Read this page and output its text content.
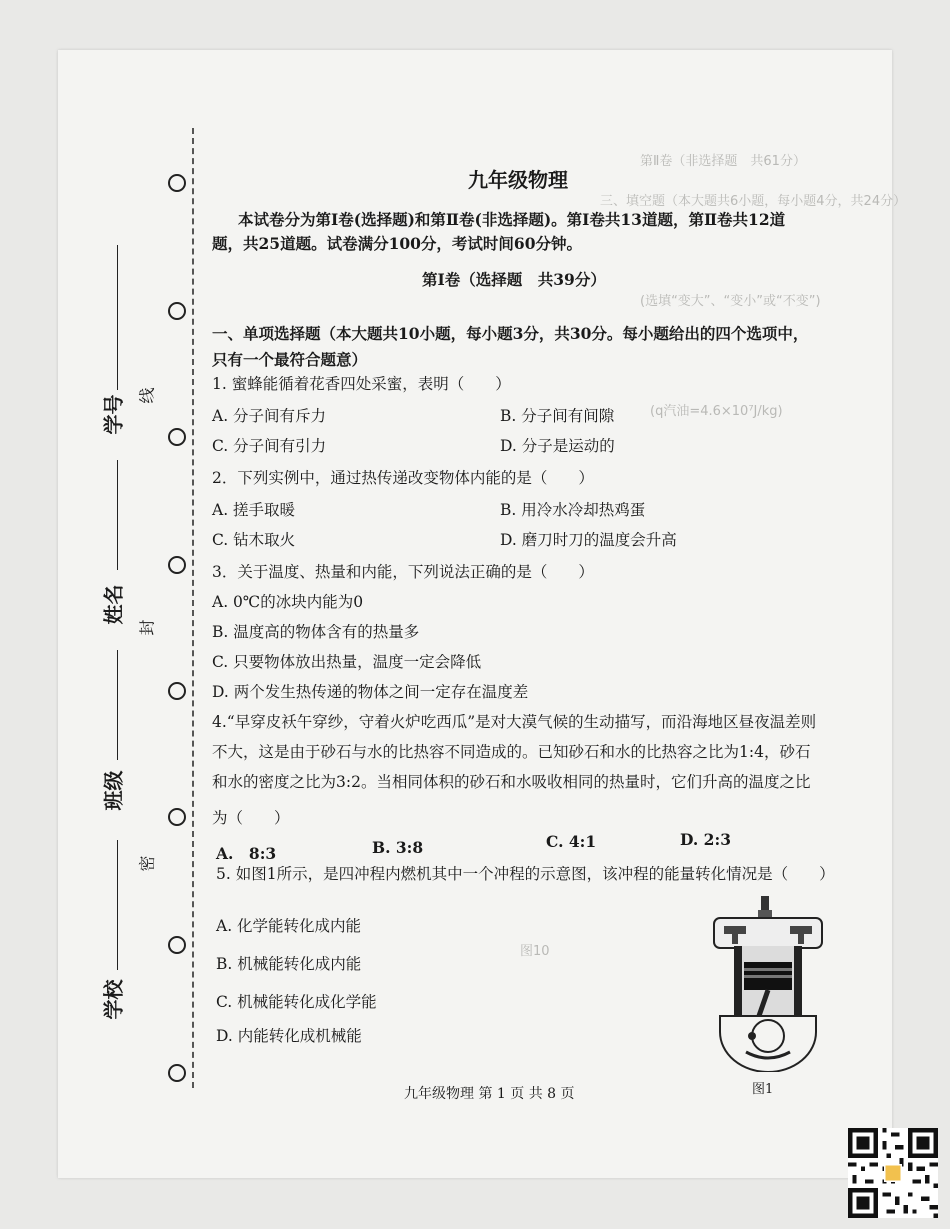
第Ⅱ卷（非选择题　共61分）
三、填空题（本大题共6小题，每小题4分，共24分）
(选填“变大”、“变小”或“不变”)
(q汽油=4.6×10⁷J/kg)
图10
学号
姓名
班级
学校
线
封
密
九年级物理
本试卷分为第Ⅰ卷(选择题)和第Ⅱ卷(非选择题)。第Ⅰ卷共13道题，第Ⅱ卷共12道
题，共25道题。试卷满分100分，考试时间60分钟。
第Ⅰ卷（选择题　共39分）
一、单项选择题（本大题共10小题，每小题3分，共30分。每小题给出的四个选项中，
只有一个最符合题意）
1. 蜜蜂能循着花香四处采蜜，表明（　　）
A. 分子间有斥力	B. 分子间有间隙
C. 分子间有引力	D. 分子是运动的
2．下列实例中，通过热传递改变物体内能的是（　　）
A. 搓手取暖	B. 用冷水冷却热鸡蛋
C. 钻木取火	D. 磨刀时刀的温度会升高
3．关于温度、热量和内能，下列说法正确的是（　　）
A. 0℃的冰块内能为0
B. 温度高的物体含有的热量多
C. 只要物体放出热量，温度一定会降低
D. 两个发生热传递的物体之间一定存在温度差
4.“早穿皮袄午穿纱，守着火炉吃西瓜”是对大漠气候的生动描写，而沿海地区昼夜温差则
不大，这是由于砂石与水的比热容不同造成的。已知砂石和水的比热容之比为1:4，砂石
和水的密度之比为3:2。当相同体积的砂石和水吸收相同的热量时，它们升高的温度之比
为（　　）
A.　8:3	B. 3:8	C. 4:1	D. 2:3
5. 如图1所示，是四冲程内燃机其中一个冲程的示意图，该冲程的能量转化情况是（　　）
A. 化学能转化成内能
B. 机械能转化成内能
C. 机械能转化成化学能
D. 内能转化成机械能
图1
九年级物理 第 1 页 共 8 页
